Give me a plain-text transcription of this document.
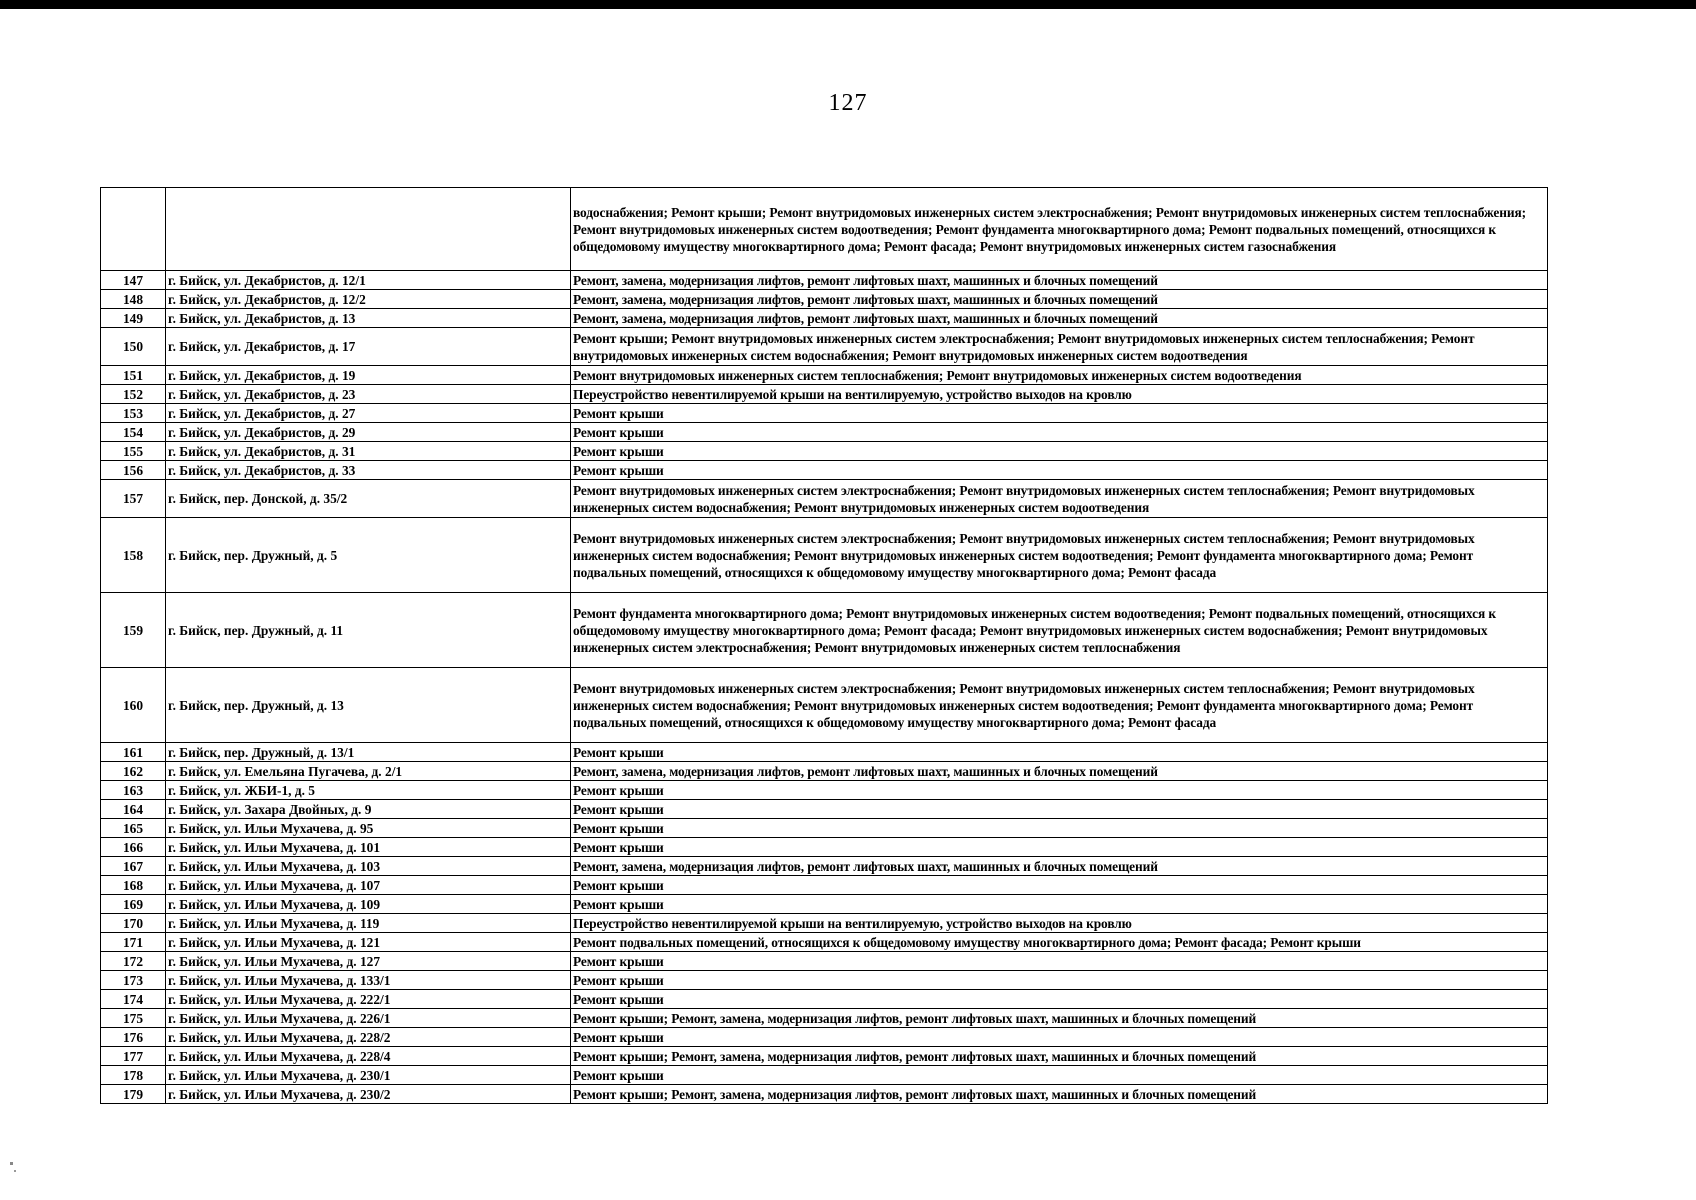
127
		водоснабжения; Ремонт крыши; Ремонт внутридомовых инженерных систем электроснабжения; Ремонт внутридомовых инженерных систем теплоснабжения; Ремонт внутридомовых инженерных систем водоотведения; Ремонт фундамента многоквартирного дома; Ремонт подвальных помещений, относящихся к общедомовому имуществу многоквартирного дома; Ремонт фасада; Ремонт внутридомовых инженерных систем газоснабжения
147	г. Бийск, ул. Декабристов, д. 12/1	Ремонт, замена, модернизация лифтов, ремонт лифтовых шахт, машинных и блочных помещений
148	г. Бийск, ул. Декабристов, д. 12/2	Ремонт, замена, модернизация лифтов, ремонт лифтовых шахт, машинных и блочных помещений
149	г. Бийск, ул. Декабристов, д. 13	Ремонт, замена, модернизация лифтов, ремонт лифтовых шахт, машинных и блочных помещений
150	г. Бийск, ул. Декабристов, д. 17	Ремонт крыши; Ремонт внутридомовых инженерных систем электроснабжения; Ремонт внутридомовых инженерных систем теплоснабжения; Ремонт внутридомовых инженерных систем водоснабжения; Ремонт внутридомовых инженерных систем водоотведения
151	г. Бийск, ул. Декабристов, д. 19	Ремонт внутридомовых инженерных систем теплоснабжения; Ремонт внутридомовых инженерных систем водоотведения
152	г. Бийск, ул. Декабристов, д. 23	Переустройство невентилируемой крыши на вентилируемую, устройство выходов на кровлю
153	г. Бийск, ул. Декабристов, д. 27	Ремонт крыши
154	г. Бийск, ул. Декабристов, д. 29	Ремонт крыши
155	г. Бийск, ул. Декабристов, д. 31	Ремонт крыши
156	г. Бийск, ул. Декабристов, д. 33	Ремонт крыши
157	г. Бийск, пер. Донской, д. 35/2	Ремонт внутридомовых инженерных систем электроснабжения; Ремонт внутридомовых инженерных систем теплоснабжения; Ремонт внутридомовых инженерных систем водоснабжения; Ремонт внутридомовых инженерных систем водоотведения
158	г. Бийск, пер. Дружный, д. 5	Ремонт внутридомовых инженерных систем электроснабжения; Ремонт внутридомовых инженерных систем теплоснабжения; Ремонт внутридомовых инженерных систем водоснабжения; Ремонт внутридомовых инженерных систем водоотведения; Ремонт фундамента многоквартирного дома; Ремонт подвальных помещений, относящихся к общедомовому имуществу многоквартирного дома; Ремонт фасада
159	г. Бийск, пер. Дружный, д. 11	Ремонт фундамента многоквартирного дома; Ремонт внутридомовых инженерных систем водоотведения; Ремонт подвальных помещений, относящихся к общедомовому имуществу многоквартирного дома; Ремонт фасада; Ремонт внутридомовых инженерных систем водоснабжения; Ремонт внутридомовых инженерных систем электроснабжения; Ремонт внутридомовых инженерных систем теплоснабжения
160	г. Бийск, пер. Дружный, д. 13	Ремонт внутридомовых инженерных систем электроснабжения; Ремонт внутридомовых инженерных систем теплоснабжения; Ремонт внутридомовых инженерных систем водоснабжения; Ремонт внутридомовых инженерных систем водоотведения; Ремонт фундамента многоквартирного дома; Ремонт подвальных помещений, относящихся к общедомовому имуществу многоквартирного дома; Ремонт фасада
161	г. Бийск, пер. Дружный, д. 13/1	Ремонт крыши
162	г. Бийск, ул. Емельяна Пугачева, д. 2/1	Ремонт, замена, модернизация лифтов, ремонт лифтовых шахт, машинных и блочных помещений
163	г. Бийск, ул. ЖБИ-1, д. 5	Ремонт крыши
164	г. Бийск, ул. Захара Двойных, д. 9	Ремонт крыши
165	г. Бийск, ул. Ильи Мухачева, д. 95	Ремонт крыши
166	г. Бийск, ул. Ильи Мухачева, д. 101	Ремонт крыши
167	г. Бийск, ул. Ильи Мухачева, д. 103	Ремонт, замена, модернизация лифтов, ремонт лифтовых шахт, машинных и блочных помещений
168	г. Бийск, ул. Ильи Мухачева, д. 107	Ремонт крыши
169	г. Бийск, ул. Ильи Мухачева, д. 109	Ремонт крыши
170	г. Бийск, ул. Ильи Мухачева, д. 119	Переустройство невентилируемой крыши на вентилируемую, устройство выходов на кровлю
171	г. Бийск, ул. Ильи Мухачева, д. 121	Ремонт подвальных помещений, относящихся к общедомовому имуществу многоквартирного дома; Ремонт фасада; Ремонт крыши
172	г. Бийск, ул. Ильи Мухачева, д. 127	Ремонт крыши
173	г. Бийск, ул. Ильи Мухачева, д. 133/1	Ремонт крыши
174	г. Бийск, ул. Ильи Мухачева, д. 222/1	Ремонт крыши
175	г. Бийск, ул. Ильи Мухачева, д. 226/1	Ремонт крыши; Ремонт, замена, модернизация лифтов, ремонт лифтовых шахт, машинных и блочных помещений
176	г. Бийск, ул. Ильи Мухачева, д. 228/2	Ремонт крыши
177	г. Бийск, ул. Ильи Мухачева, д. 228/4	Ремонт крыши; Ремонт, замена, модернизация лифтов, ремонт лифтовых шахт, машинных и блочных помещений
178	г. Бийск, ул. Ильи Мухачева, д. 230/1	Ремонт крыши
179	г. Бийск, ул. Ильи Мухачева, д. 230/2	Ремонт крыши; Ремонт, замена, модернизация лифтов, ремонт лифтовых шахт, машинных и блочных помещений
